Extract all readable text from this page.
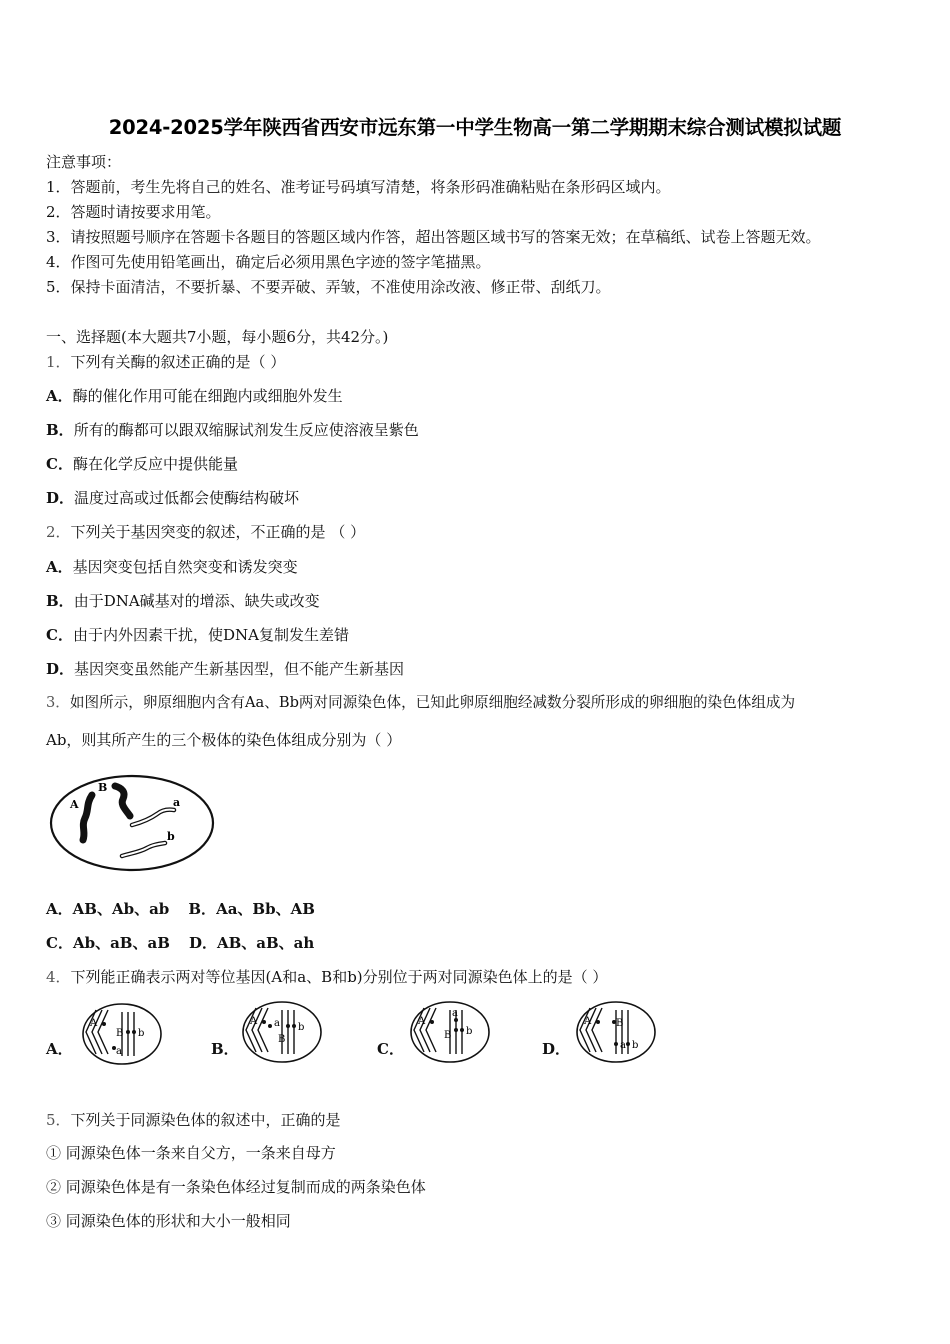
2024-2025学年陕西省西安市远东第一中学生物高一第二学期期末综合测试模拟试题
注意事项：
1．答题前，考生先将自己的姓名、准考证号码填写清楚，将条形码准确粘贴在条形码区域内。
2．答题时请按要求用笔。
3．请按照题号顺序在答题卡各题目的答题区域内作答，超出答题区域书写的答案无效；在草稿纸、试卷上答题无效。
4．作图可先使用铅笔画出，确定后必须用黑色字迹的签字笔描黑。
5．保持卡面清洁，不要折暴、不要弄破、弄皱，不准使用涂改液、修正带、刮纸刀。
一、选择题(本大题共7小题，每小题6分，共42分。)
1．下列有关酶的叙述正确的是（ ）
A．酶的催化作用可能在细跑内或细胞外发生
B．所有的酶都可以跟双缩脲试剂发生反应使溶液呈紫色
C．酶在化学反应中提供能量
D．温度过高或过低都会使酶结构破坏
2．下列关于基因突变的叙述，不正确的是 （ ）
A．基因突变包括自然突变和诱发突变
B．由于DNA碱基对的增添、缺失或改变
C．由于内外因素干扰，使DNA复制发生差错
D．基因突变虽然能产生新基因型，但不能产生新基因
3．如图所示，卵原细胞内含有Aa、Bb两对同源染色体，已知此卵原细胞经减数分裂所形成的卵细胞的染色体组成为
Ab，则其所产生的三个极体的染色体组成分别为（ ）
A
B
a
b
A．AB、Ab、ab B．Aa、Bb、AB
C．Ab、aB、aB D．AB、aB、ah
4．下列能正确表示两对等位基因(A和a、B和b)分别位于两对同源染色体上的是（ ）
A．	B．	C．	D．
A
a
B b
A a
B
b
A
a
B b
A
a
B
b
5．下列关于同源染色体的叙述中，正确的是
① 同源染色体一条来自父方，一条来自母方
② 同源染色体是有一条染色体经过复制而成的两条染色体
③ 同源染色体的形状和大小一般相同
